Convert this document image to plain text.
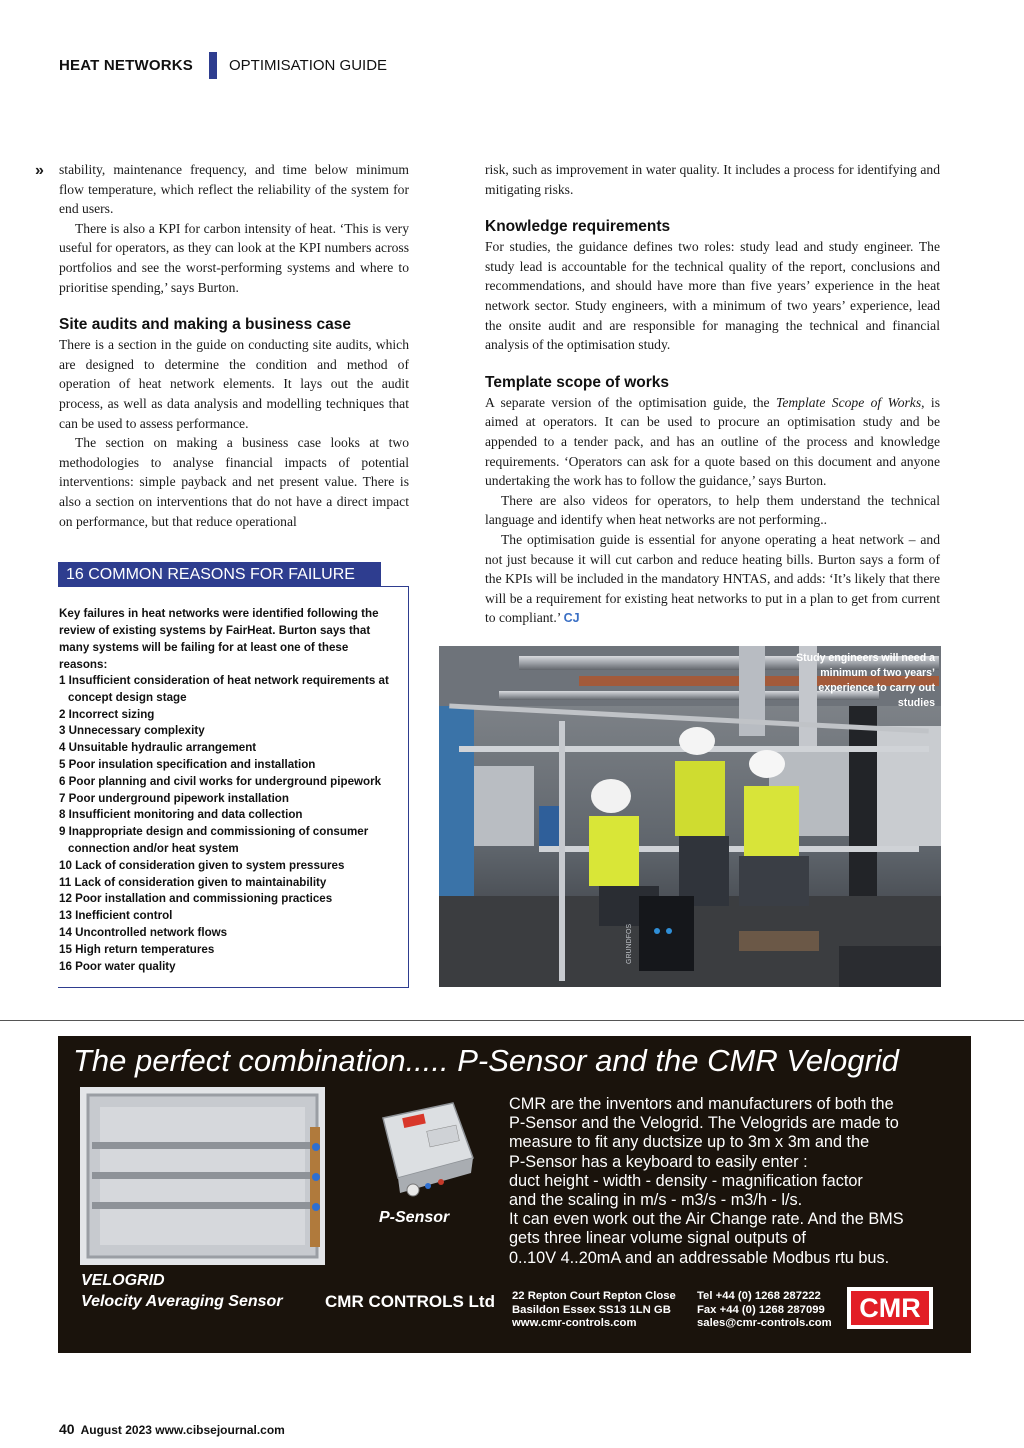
HEAT NETWORKS OPTIMISATION GUIDE
» stability, maintenance frequency, and time below minimum flow temperature, which reflect the reliability of the system for end users.

There is also a KPI for carbon intensity of heat. ‘This is very useful for operators, as they can look at the KPI numbers across portfolios and see the worst-performing systems and where to prioritise spending,’ says Burton.

Site audits and making a business case

There is a section in the guide on conducting site audits, which are designed to determine the condition and method of operation of heat network elements. It lays out the audit process, as well as data analysis and modelling techniques that can be used to assess performance.

The section on making a business case looks at two methodologies to analyse financial impacts of potential interventions: simple payback and net present value. There is also a section on interventions that do not have a direct impact on performance, but that reduce operational

risk, such as improvement in water quality. It includes a process for identifying and mitigating risks.

Knowledge requirements

For studies, the guidance defines two roles: study lead and study engineer. The study lead is accountable for the technical quality of the report, conclusions and recommendations, and should have more than five years’ experience in the heat network sector. Study engineers, with a minimum of two years’ experience, lead the onsite audit and are responsible for managing the technical and financial analysis of the optimisation study.

Template scope of works

A separate version of the optimisation guide, the Template Scope of Works, is aimed at operators. It can be used to procure an optimisation study and be appended to a tender pack, and has an outline of the process and knowledge requirements. ‘Operators can ask for a quote based on this document and anyone undertaking the work has to follow the guidance,’ says Burton.

There are also videos for operators, to help them understand the technical language and identify when heat networks are not performing..

The optimisation guide is essential for anyone operating a heat network – and not just because it will cut carbon and reduce heating bills. Burton says a form of the KPIs will be included in the mandatory HNTAS, and adds: ‘It’s likely that there will be a requirement for existing heat networks to put in a plan to get from current to compliant.’ CJ

16 COMMON REASONS FOR FAILURE
Key failures in heat networks were identified following the review of existing systems by FairHeat. Burton says that many systems will be failing for at least one of these reasons:
1 Insufficient consideration of heat network requirements at concept design stage
2 Incorrect sizing
3 Unnecessary complexity
4 Unsuitable hydraulic arrangement
5 Poor insulation specification and installation
6 Poor planning and civil works for underground pipework
7 Poor underground pipework installation
8 Insufficient monitoring and data collection
9 Inappropriate design and commissioning of consumer connection and/or heat system
10 Lack of consideration given to system pressures
11 Lack of consideration given to maintainability
12 Poor installation and commissioning practices
13 Inefficient control
14 Uncontrolled network flows
15 High return temperatures
16 Poor water quality
GRUNDFOS
Study engineers will need a minimum of two years’ experience to carry out studies
The perfect combination..... P-Sensor and the CMR Velogrid
P-Sensor
CMR are the inventors and manufacturers of both the
P-Sensor and the Velogrid. The Velogrids are made to
measure to fit any ductsize up to 3m x 3m and the
P-Sensor has a keyboard to easily enter :
duct height - width - density - magnification factor
and the scaling in m/s - m3/s - m3/h - l/s.
It can even work out the Air Change rate. And the BMS
gets three linear volume signal outputs of
0..10V 4..20mA and an addressable Modbus rtu bus.
VELOGRID
Velocity Averaging Sensor CMR CONTROLS Ltd 22 Repton Court Repton Close
Basildon Essex SS13 1LN GB
www.cmr-controls.com
Tel +44 (0) 1268 287222
Fax +44 (0) 1268 287099
sales@cmr-controls.com	CMR
40 August 2023 www.cibsejournal.com
